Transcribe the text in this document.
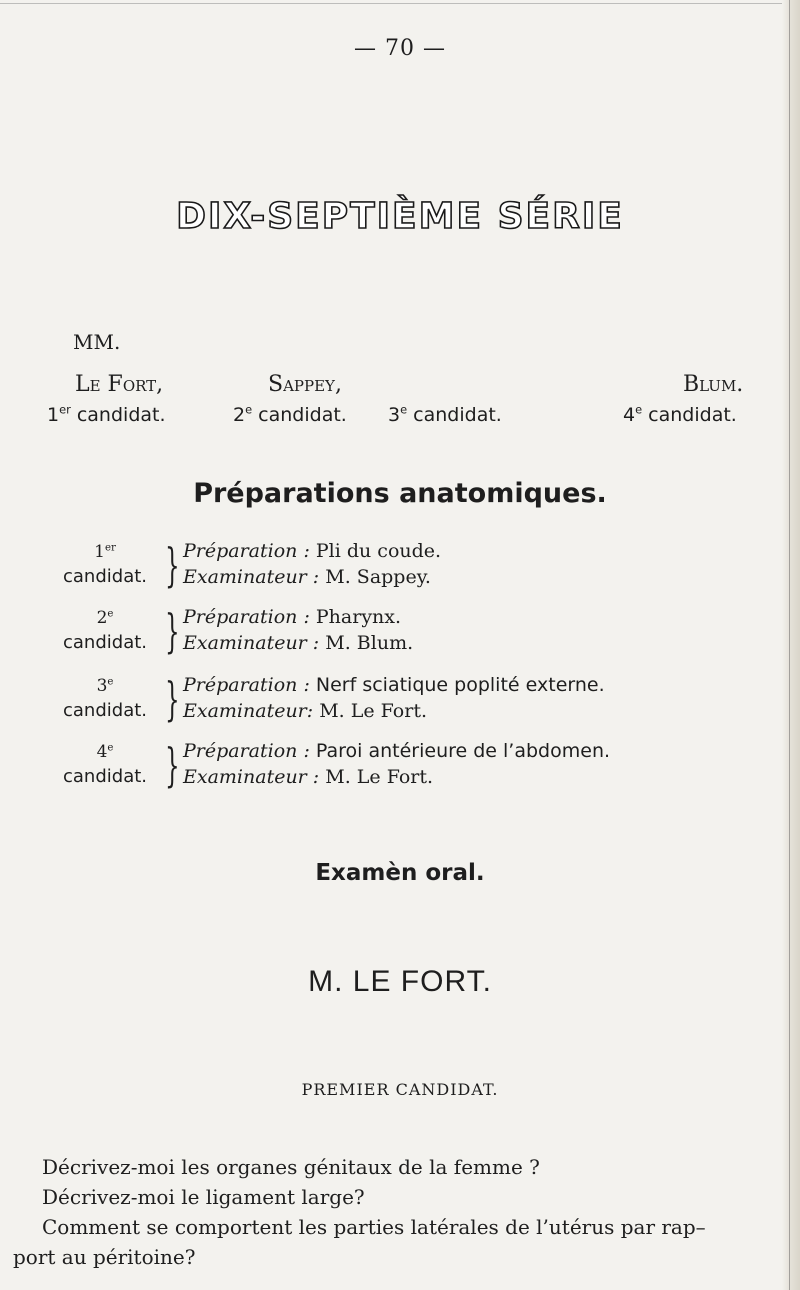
— 70 —
DIX-SEPTIÈME SÉRIE
MM.
Le Fort,	Sappey,	Blum.
1er candidat.	2e candidat. 3e candidat.	4e candidat.
Préparations anatomiques.
1er
candidat. } Préparation : Pli du coude.
Examinateur : M. Sappey.
2e
candidat. } Préparation : Pharynx.
Examinateur : M. Blum.
3e
candidat. } Préparation : Nerf sciatique poplité externe.
Examinateur: M. Le Fort.
4e
candidat. } Préparation : Paroi antérieure de l’abdomen.
Examinateur : M. Le Fort.
Examèn oral.
M. LE FORT.
PREMIER CANDIDAT.
Décrivez-moi les organes génitaux de la femme ?
Décrivez-moi le ligament large?
Comment se comportent les parties latérales de l’utérus par rap–
port au péritoine?
